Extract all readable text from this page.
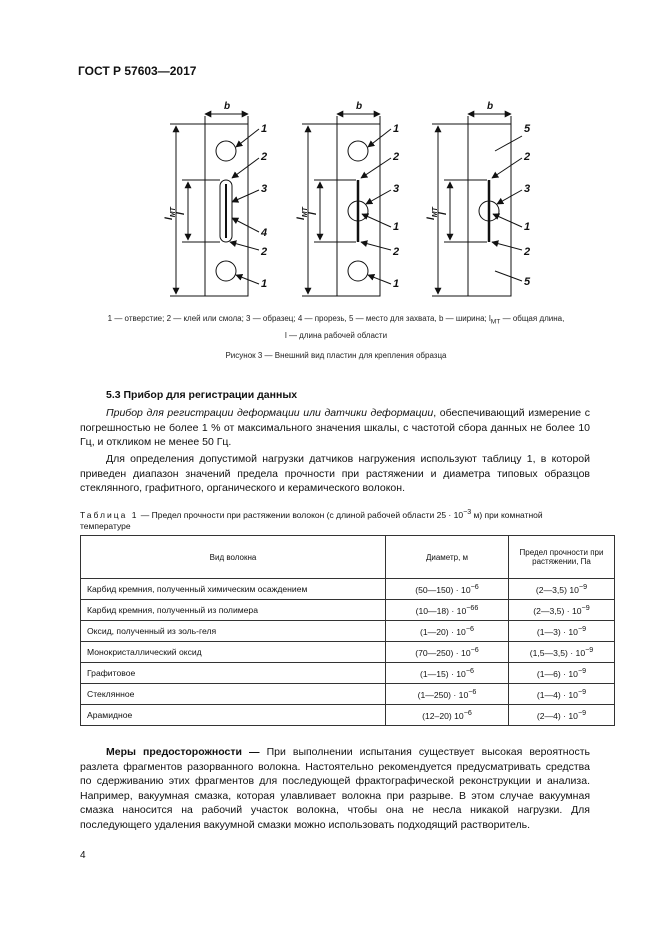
ГОСТ Р 57603—2017
b	b	b
$l_{МТ}$
$l_{МТ}$
$l_{МТ}$
l	l	l
1
2
3
4
2
1
1
2
3
1
2
1
5
2
3
1
2
5
1 — отверстие; 2 — клей или смола; 3 — образец; 4 — прорезь, 5 — место для захвата, b — ширина; $l_{МТ}$ — общая длина,
l — длина рабочей области
Рисунок 3 — Внешний вид пластин для крепления образца
5.3 Прибор для регистрации данных
Прибор для регистрации деформации или датчики деформации, обеспечивающий измерение с погрешностью не более 1 % от максимального значения шкалы, с частотой сбора данных не более 10 Гц, и откликом не менее 50 Гц.
Для определения допустимой нагрузки датчиков нагружения используют таблицу 1, в которой приведен диапазон значений предела прочности при растяжении и диаметра типовых образцов стеклянного, графитного, органического и керамического волокон.
Таблица 1 — Предел прочности при растяжении волокон (с длиной рабочей области $25 \cdot 10^{-3}$ м) при комнатной температуре
Вид волокна	Диаметр, м	Предел прочности при растяжении, Па
Карбид кремния, полученный химическим осаждением	(50—150) · $10^{-6}$	(2—3,5) $10^{-9}$
Карбид кремния, полученный из полимера	(10—18) · $10^{-66}$	(2—3,5) · $10^{-9}$
Оксид, полученный из золь-геля	(1—20) · $10^{-6}$	(1—3) · $10^{-9}$
Монокристаллический оксид	(70—250) · $10^{-6}$	(1,5—3,5) · $10^{-9}$
Графитовое	(1—15) · $10^{-6}$	(1—6) · $10^{-9}$
Стеклянное	(1—250) · $10^{-6}$	(1—4) · $10^{-9}$
Арамидное	(12–20) $10^{-6}$	(2—4) · $10^{-9}$
Меры предосторожности — При выполнении испытания существует высокая вероятность разлета фрагментов разорванного волокна. Настоятельно рекомендуется предусматривать средства по сдерживанию этих фрагментов для последующей фрактографической реконструкции и анализа. Например, вакуумная смазка, которая улавливает волокна при разрыве. В этом случае вакуумная смазка наносится на рабочий участок волокна, чтобы она не несла никакой нагрузки. Для последующего удаления вакуумной смазки можно использовать подходящий растворитель.
4
